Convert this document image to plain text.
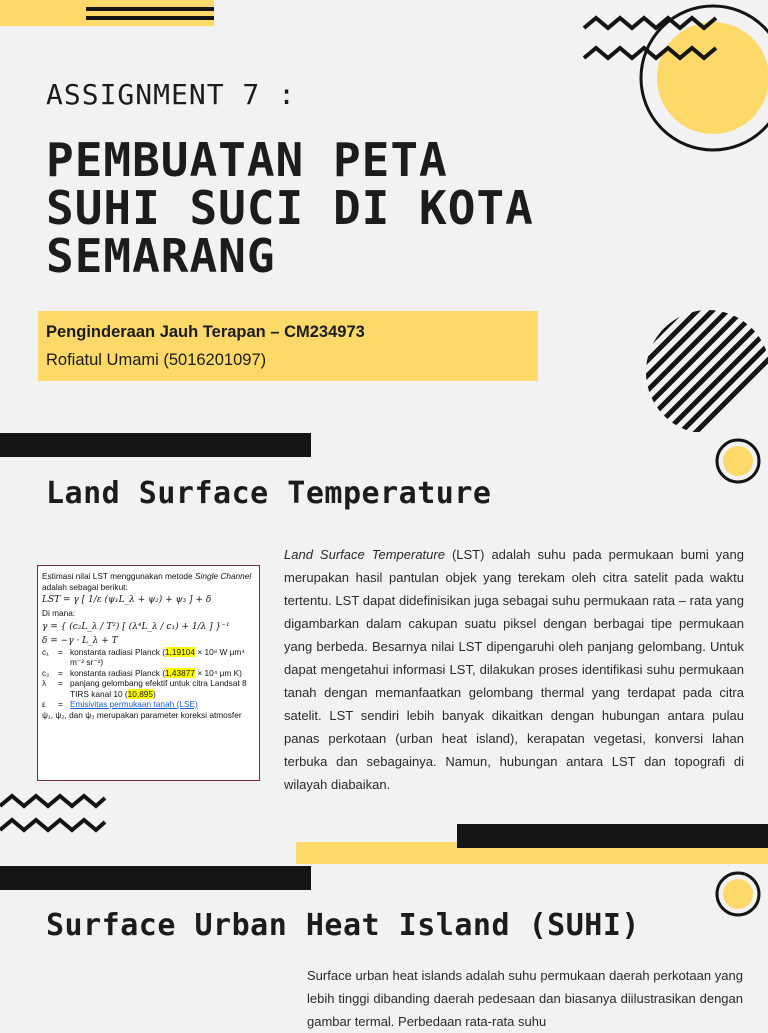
ASSIGNMENT 7 :
PEMBUATAN PETA SUHI SUCI DI KOTA SEMARANG
Penginderaan Jauh Terapan – CM234973
Rofiatul Umami (5016201097)
Land Surface Temperature
Estimasi nilai LST menggunakan metode Single Channel adalah sebagai berikut:
LST = γ [ 1/ε (ψ₁L_λ + ψ₂) + ψ₃ ] + δ
Di mana:
γ = { (c₂L_λ / T²) [ (λ⁴L_λ / c₁) + 1/λ ] }⁻¹
δ = −γ · L_λ + T
c₁	= konstanta radiasi Planck (1,19104 × 10⁸ W μm⁴ m⁻² sr⁻¹)
c₂	= konstanta radiasi Planck (1,43877 × 10⁴ μm K)
λ	= panjang gelombang efektif untuk citra Landsat 8 TIRS kanal 10 (10,895)
ε	= Emisivitas permukaan tanah (LSE)
ψ₁, ψ₂, dan ψ₃ merupakan parameter koreksi atmosfer
Land Surface Temperature (LST) adalah suhu pada permukaan bumi yang merupakan hasil pantulan objek yang terekam oleh citra satelit pada waktu tertentu. LST dapat didefinisikan juga sebagai suhu permukaan rata – rata yang digambarkan dalam cakupan suatu piksel dengan berbagai tipe permukaan yang berbeda. Besarnya nilai LST dipengaruhi oleh panjang gelombang. Untuk dapat mengetahui informasi LST, dilakukan proses identifikasi suhu permukaan tanah dengan memanfaatkan gelombang thermal yang terdapat pada citra satelit. LST sendiri lebih banyak dikaitkan dengan hubungan antara pulau panas perkotaan (urban heat island), kerapatan vegetasi, konversi lahan terbuka dan sebagainya. Namun, hubungan antara LST dan topografi di wilayah diabaikan.
Surface Urban Heat Island (SUHI)
Surface urban heat islands adalah suhu permukaan daerah perkotaan yang lebih tinggi dibanding daerah pedesaan dan biasanya diilustrasikan dengan gambar termal. Perbedaan rata-rata suhu
